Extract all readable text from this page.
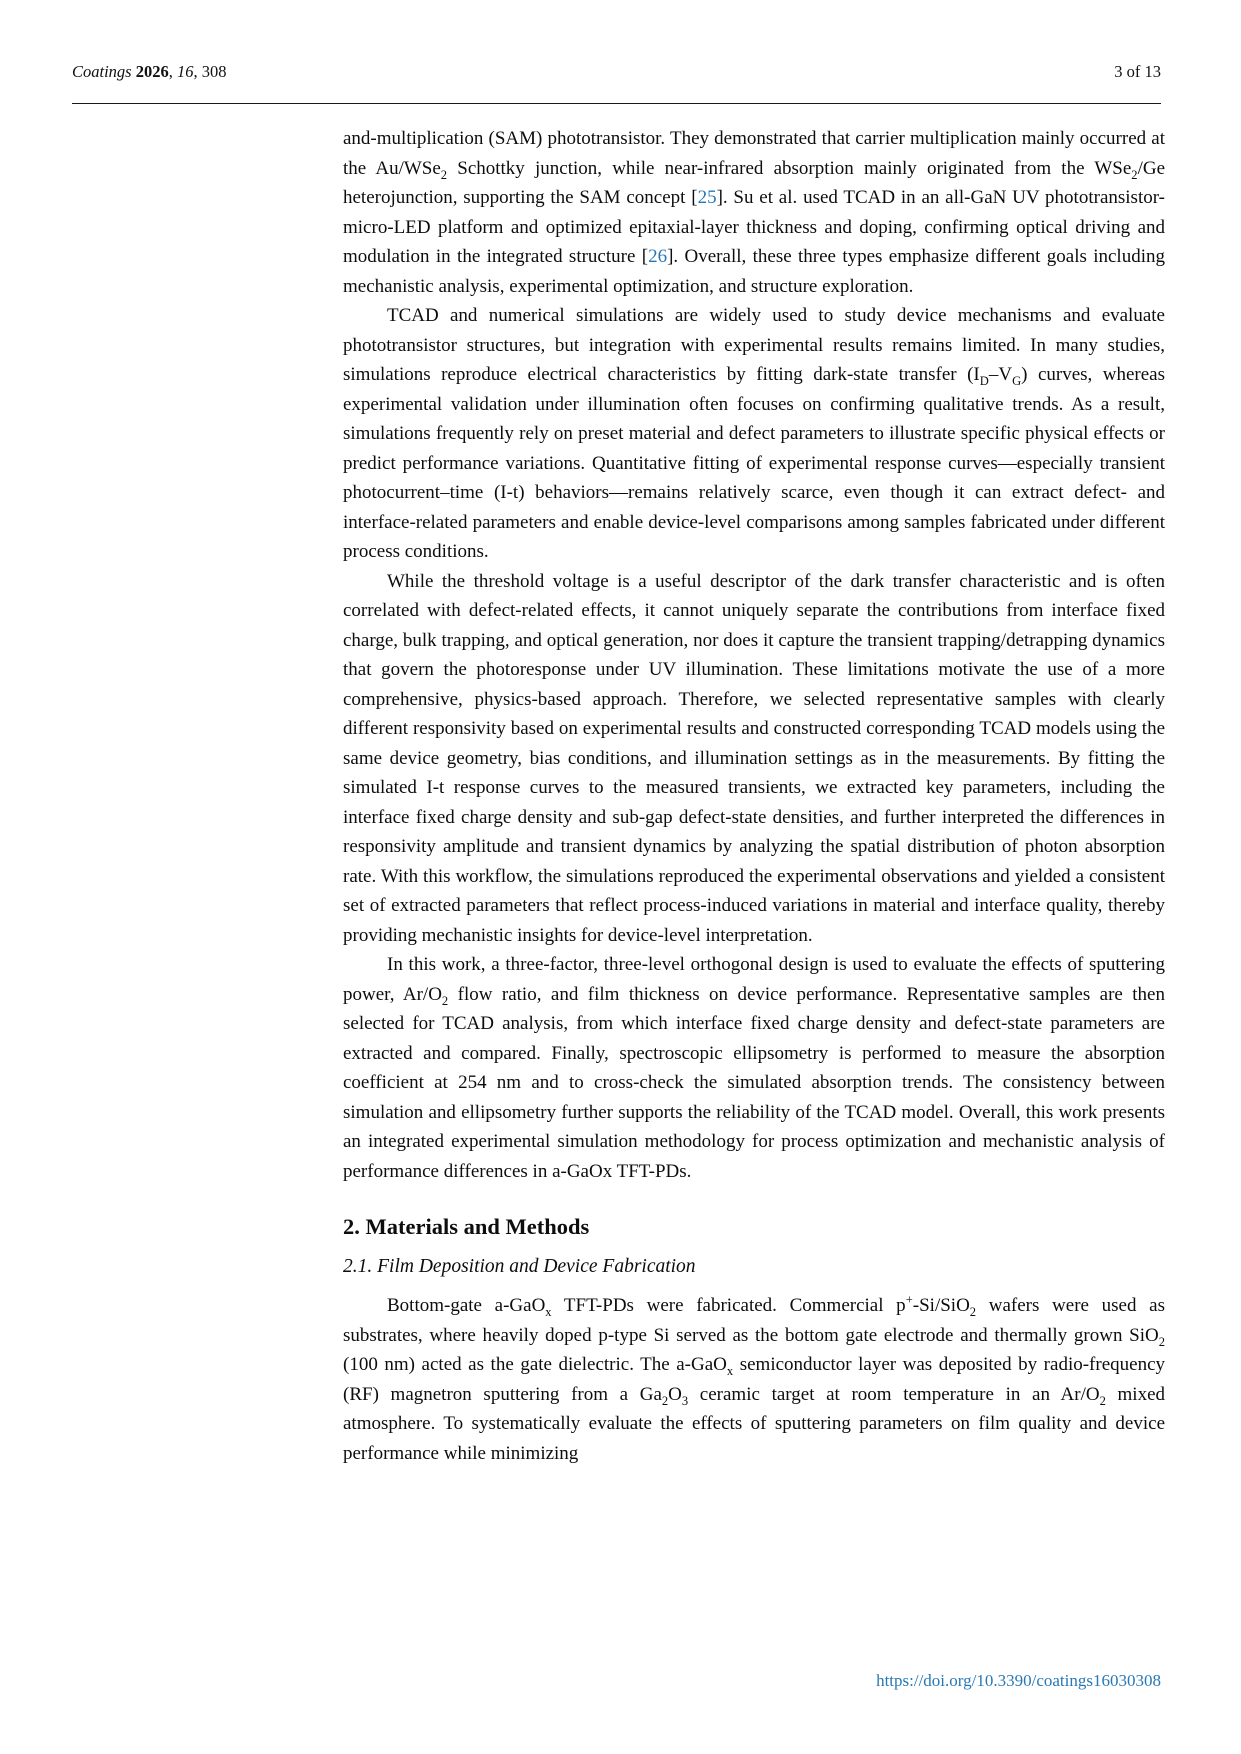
Coatings 2026, 16, 308	3 of 13

and-multiplication (SAM) phototransistor. They demonstrated that carrier multiplication mainly occurred at the Au/WSe$_2$ Schottky junction, while near-infrared absorption mainly originated from the WSe$_2$/Ge heterojunction, supporting the SAM concept [25]. Su et al. used TCAD in an all-GaN UV phototransistor-micro-LED platform and optimized epitaxial-layer thickness and doping, confirming optical driving and modulation in the integrated structure [26]. Overall, these three types emphasize different goals including mechanistic analysis, experimental optimization, and structure exploration.

TCAD and numerical simulations are widely used to study device mechanisms and evaluate phototransistor structures, but integration with experimental results remains limited. In many studies, simulations reproduce electrical characteristics by fitting dark-state transfer $(I_D-V_G)$ curves, whereas experimental validation under illumination often focuses on confirming qualitative trends. As a result, simulations frequently rely on preset material and defect parameters to illustrate specific physical effects or predict performance variations. Quantitative fitting of experimental response curves—especially transient photocurrent–time (I-t) behaviors—remains relatively scarce, even though it can extract defect- and interface-related parameters and enable device-level comparisons among samples fabricated under different process conditions.

While the threshold voltage is a useful descriptor of the dark transfer characteristic and is often correlated with defect-related effects, it cannot uniquely separate the contributions from interface fixed charge, bulk trapping, and optical generation, nor does it capture the transient trapping/detrapping dynamics that govern the photoresponse under UV illumination. These limitations motivate the use of a more comprehensive, physics-based approach. Therefore, we selected representative samples with clearly different responsivity based on experimental results and constructed corresponding TCAD models using the same device geometry, bias conditions, and illumination settings as in the measurements. By fitting the simulated I-t response curves to the measured transients, we extracted key parameters, including the interface fixed charge density and sub-gap defect-state densities, and further interpreted the differences in responsivity amplitude and transient dynamics by analyzing the spatial distribution of photon absorption rate. With this workflow, the simulations reproduced the experimental observations and yielded a consistent set of extracted parameters that reflect process-induced variations in material and interface quality, thereby providing mechanistic insights for device-level interpretation.

In this work, a three-factor, three-level orthogonal design is used to evaluate the effects of sputtering power, $Ar/O_2$ flow ratio, and film thickness on device performance. Representative samples are then selected for TCAD analysis, from which interface fixed charge density and defect-state parameters are extracted and compared. Finally, spectroscopic ellipsometry is performed to measure the absorption coefficient at 254 nm and to cross-check the simulated absorption trends. The consistency between simulation and ellipsometry further supports the reliability of the TCAD model. Overall, this work presents an integrated experimental simulation methodology for process optimization and mechanistic analysis of performance differences in a-GaOx TFT-PDs.

2. Materials and Methods
2.1. Film Deposition and Device Fabrication

Bottom-gate a-GaO$_x$ TFT-PDs were fabricated. Commercial p+-Si/SiO$_2$ wafers were used as substrates, where heavily doped p-type Si served as the bottom gate electrode and thermally grown SiO$_2$ (100 nm) acted as the gate dielectric. The a-GaO$_x$ semiconductor layer was deposited by radio-frequency (RF) magnetron sputtering from a $Ga_2O_3$ ceramic target at room temperature in an $Ar/O_2$ mixed atmosphere. To systematically evaluate the effects of sputtering parameters on film quality and device performance while minimizing

https://doi.org/10.3390/coatings16030308
